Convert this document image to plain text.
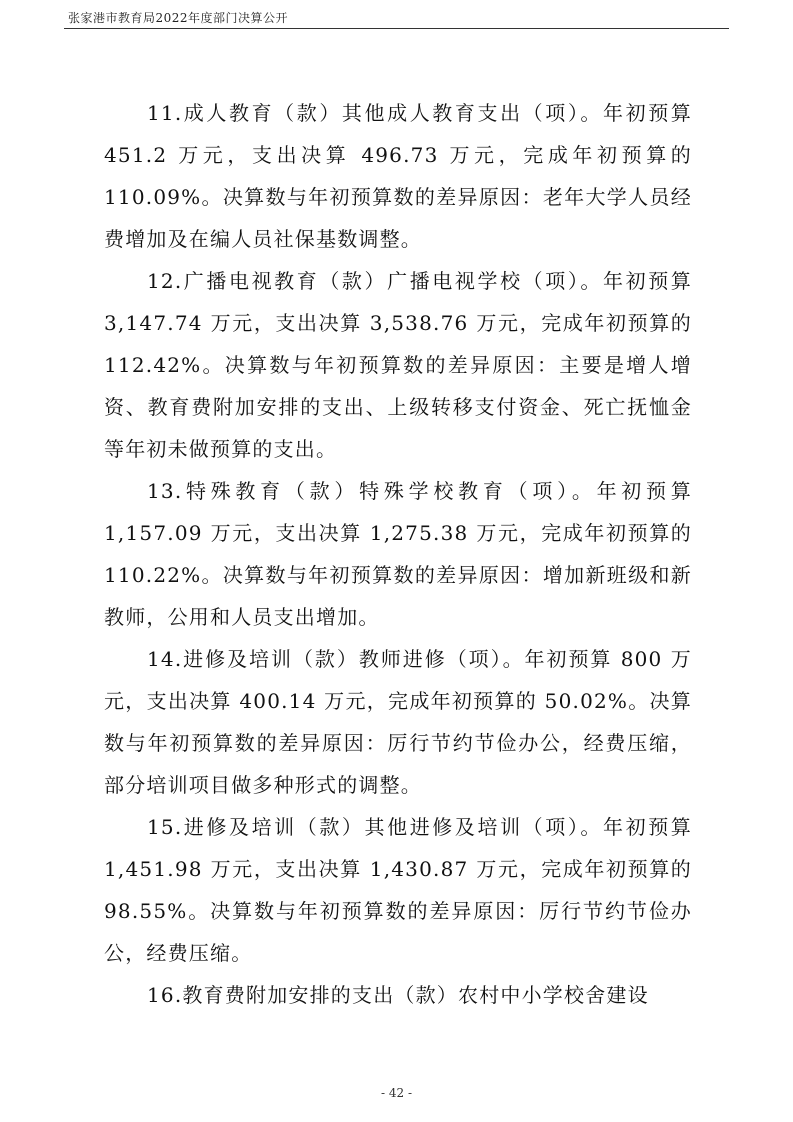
张家港市教育局2022年度部门决算公开

11.成人教育（款）其他成人教育支出（项）。年初预算451.2 万元，支出决算 496.73 万元，完成年初预算的110.09%。决算数与年初预算数的差异原因：老年大学人员经费增加及在编人员社保基数调整。

12.广播电视教育（款）广播电视学校（项）。年初预算3,147.74 万元，支出决算 3,538.76 万元，完成年初预算的112.42%。决算数与年初预算数的差异原因：主要是增人增资、教育费附加安排的支出、上级转移支付资金、死亡抚恤金等年初未做预算的支出。

13.特殊教育（款）特殊学校教育（项）。年初预算1,157.09 万元，支出决算 1,275.38 万元，完成年初预算的110.22%。决算数与年初预算数的差异原因：增加新班级和新教师，公用和人员支出增加。

14.进修及培训（款）教师进修（项）。年初预算 800 万元，支出决算 400.14 万元，完成年初预算的 50.02%。决算数与年初预算数的差异原因：厉行节约节俭办公，经费压缩，部分培训项目做多种形式的调整。

15.进修及培训（款）其他进修及培训（项）。年初预算1,451.98 万元，支出决算 1,430.87 万元，完成年初预算的98.55%。决算数与年初预算数的差异原因：厉行节约节俭办公，经费压缩。

16.教育费附加安排的支出（款）农村中小学校舍建设

- 42 -
